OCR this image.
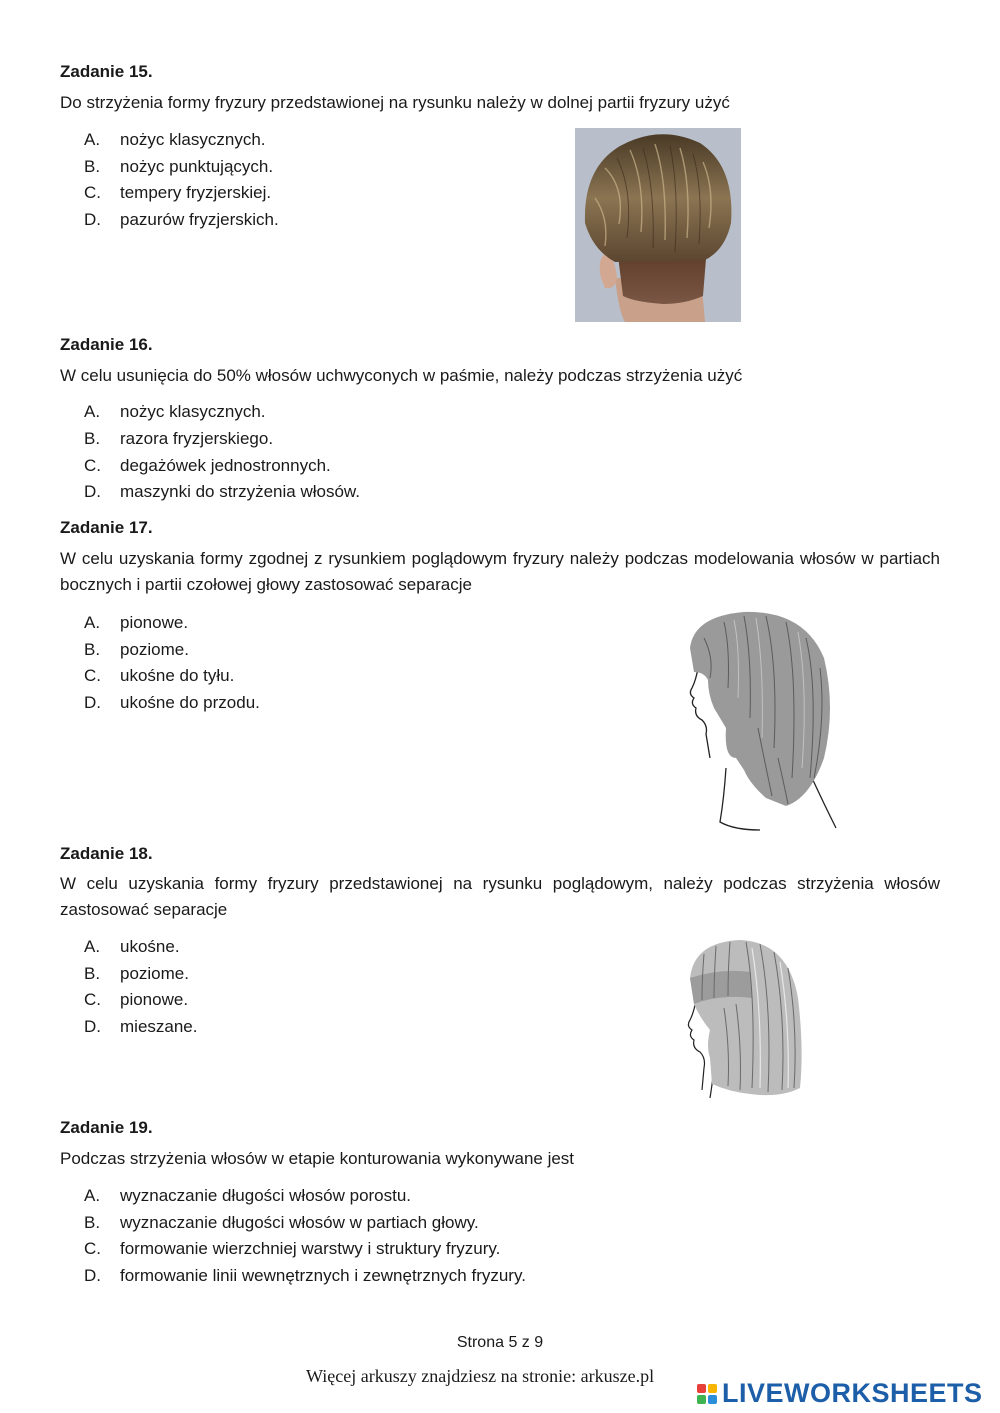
Zadanie 15.
Do strzyżenia formy fryzury przedstawionej na rysunku należy w dolnej partii fryzury użyć
A. nożyc klasycznych.
B. nożyc punktujących.
C. tempery fryzjerskiej.
D. pazurów fryzjerskich.
Zadanie 16.
W celu usunięcia do 50% włosów uchwyconych w paśmie, należy podczas strzyżenia użyć
A. nożyc klasycznych.
B. razora fryzjerskiego.
C. degażówek jednostronnych.
D. maszynki do strzyżenia włosów.
Zadanie 17.
W celu uzyskania formy zgodnej z rysunkiem poglądowym fryzury należy podczas modelowania włosów w partiach bocznych i partii czołowej głowy zastosować separacje
A. pionowe.
B. poziome.
C. ukośne do tyłu.
D. ukośne do przodu.
Zadanie 18.
W celu uzyskania formy fryzury przedstawionej na rysunku poglądowym, należy podczas strzyżenia włosów zastosować separacje
A. ukośne.
B. poziome.
C. pionowe.
D. mieszane.
Zadanie 19.
Podczas strzyżenia włosów w etapie konturowania wykonywane jest
A. wyznaczanie długości włosów porostu.
B. wyznaczanie długości włosów w partiach głowy.
C. formowanie wierzchniej warstwy i struktury fryzury.
D. formowanie linii wewnętrznych i zewnętrznych fryzury.
Strona 5 z 9
Więcej arkuszy znajdziesz na stronie: arkusze.pl
LIVEWORKSHEETS
